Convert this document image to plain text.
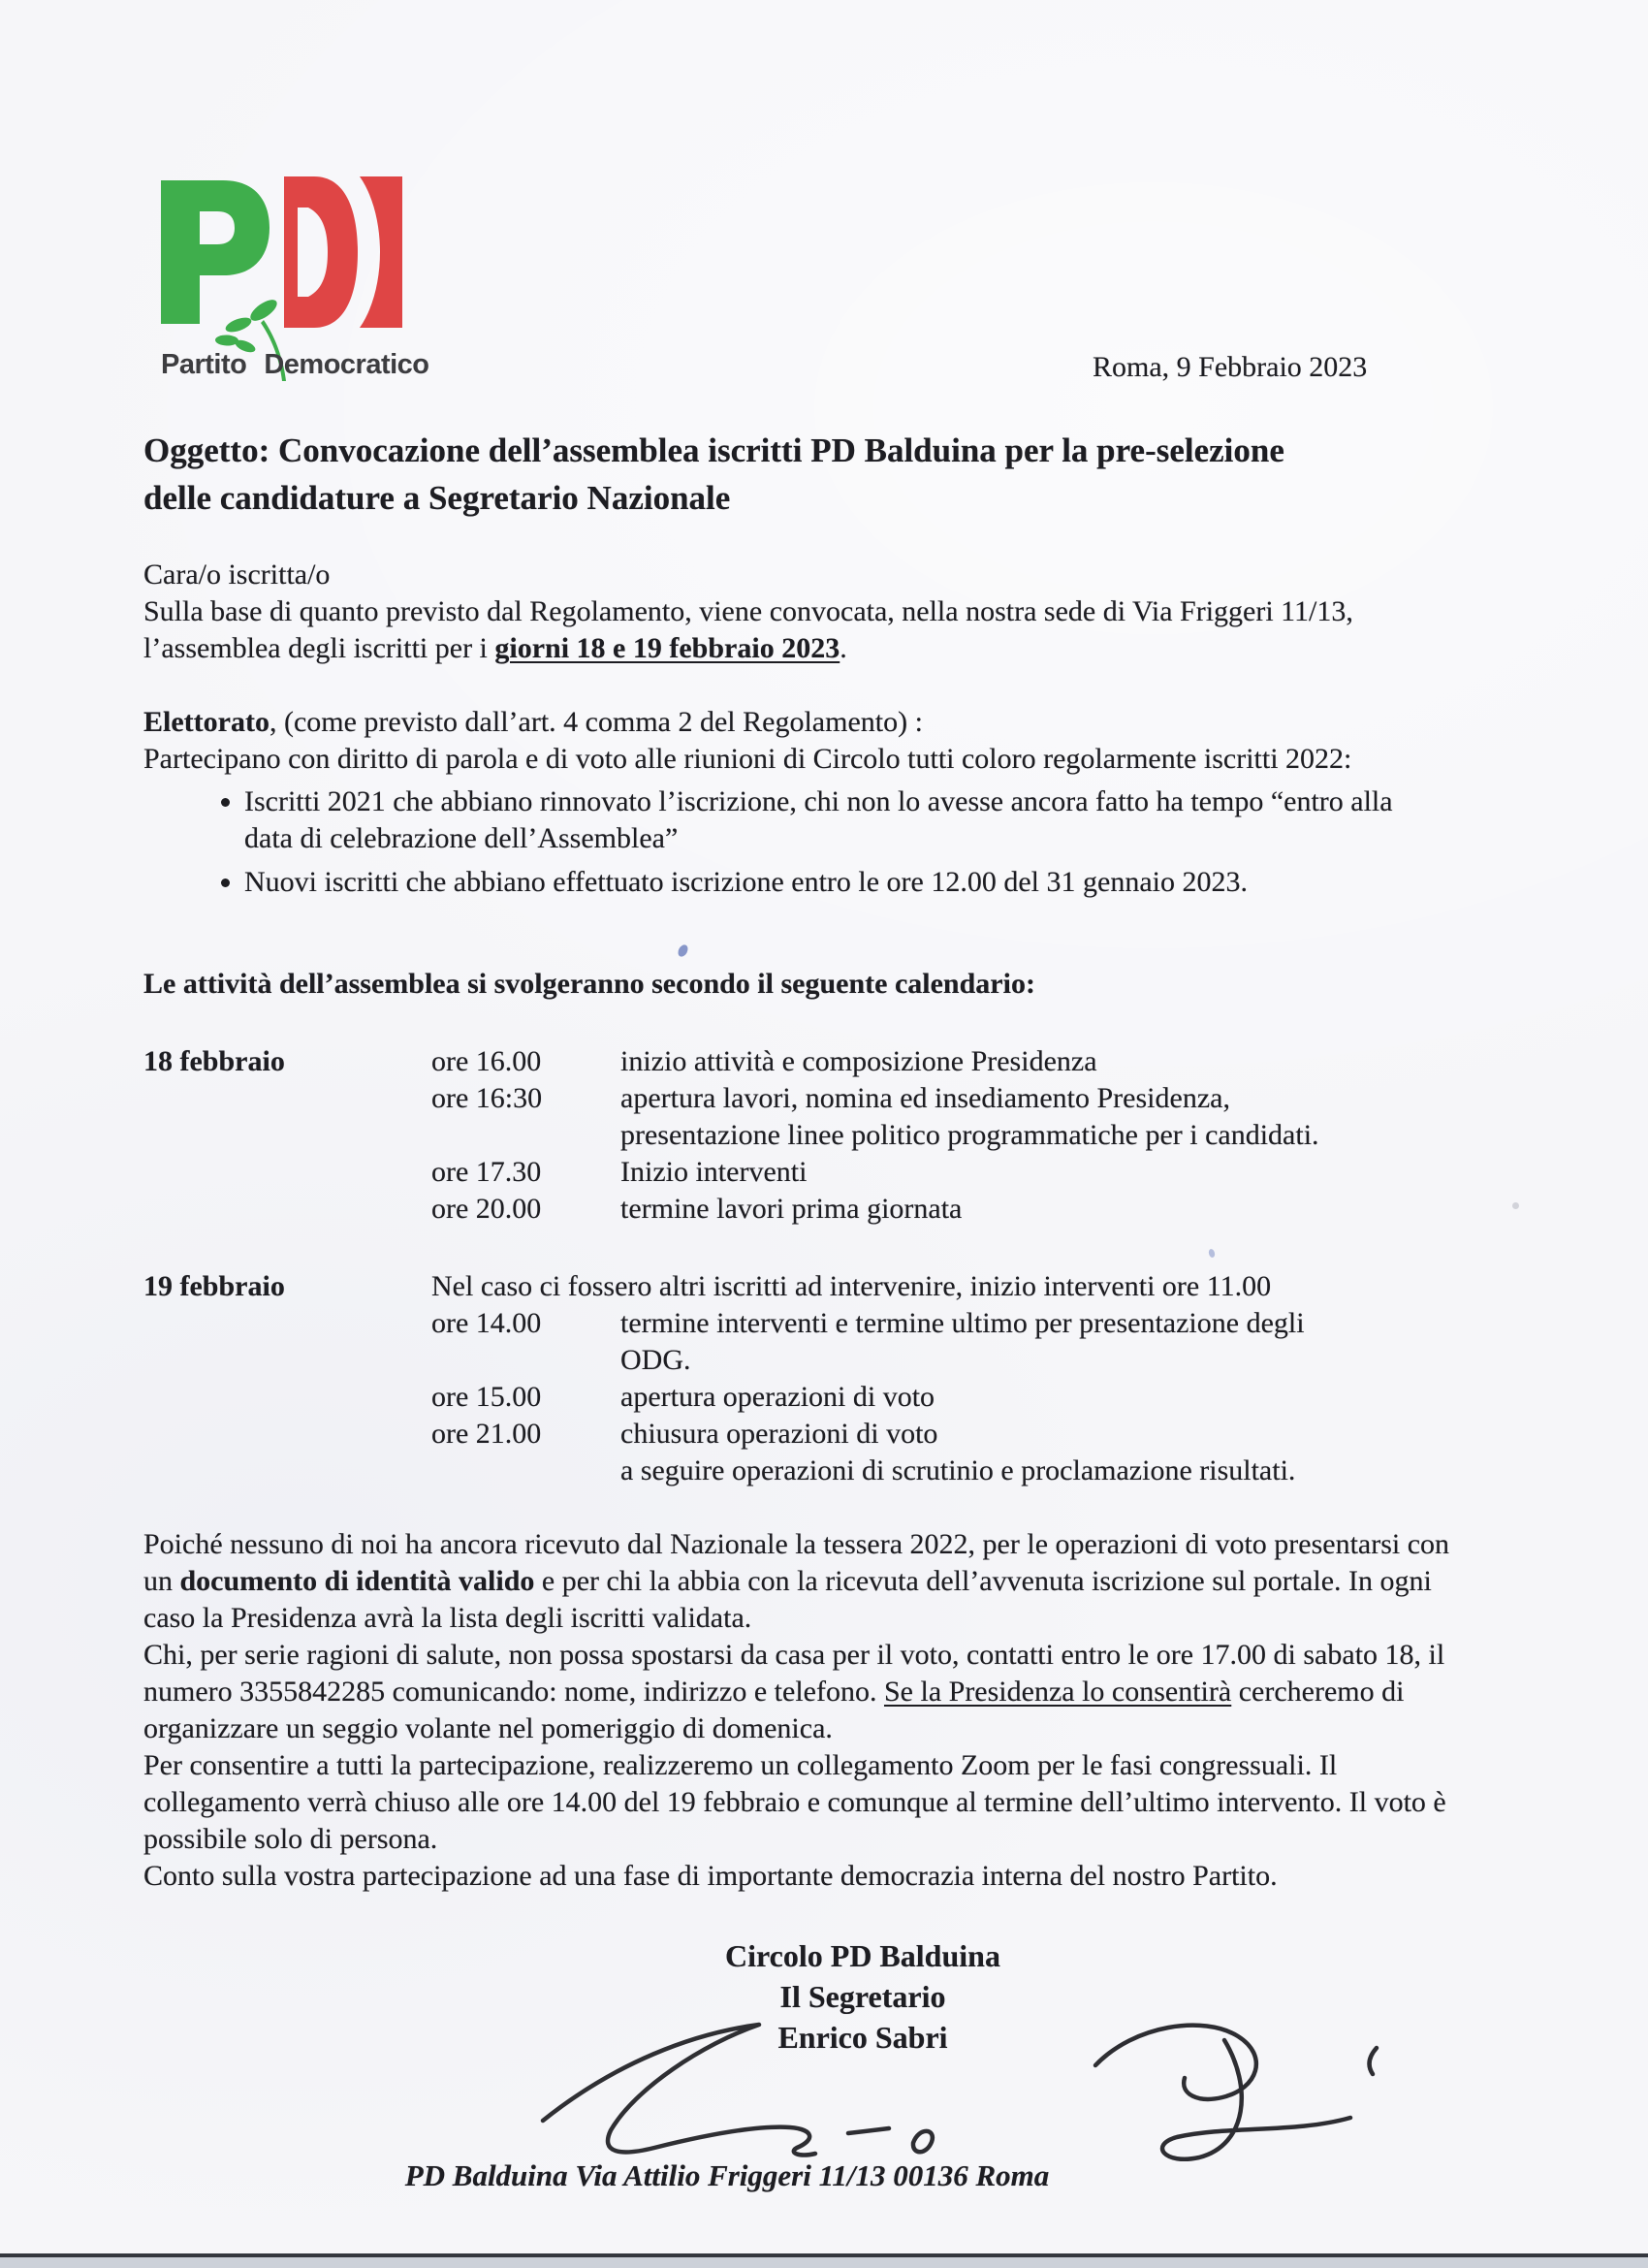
Partito Democratico	Roma, 9 Febbraio 2023
Oggetto: Convocazione dell’assemblea iscritti PD Balduina per la pre-selezione
delle candidature a Segretario Nazionale
Cara/o iscritta/o

Sulla base di quanto previsto dal Regolamento, viene convocata, nella nostra sede di Via Friggeri 11/13, l’assemblea degli iscritti per i giorni 18 e 19 febbraio 2023.

Elettorato, (come previsto dall’art. 4 comma 2 del Regolamento) :

Partecipano con diritto di parola e di voto alle riunioni di Circolo tutti coloro regolarmente iscritti 2022:

• Iscritti 2021 che abbiano rinnovato l’iscrizione, chi non lo avesse ancora fatto ha tempo “entro alla data di celebrazione dell’Assemblea”
• Nuovi iscritti che abbiano effettuato iscrizione entro le ore 12.00 del 31 gennaio 2023.
Le attività dell’assemblea si svolgeranno secondo il seguente calendario:
18 febbraio	ore 16.00	inizio attività e composizione Presidenza
ore 16:30	apertura lavori, nomina ed insediamento Presidenza,
presentazione linee politico programmatiche per i candidati.
ore 17.30	Inizio interventi
ore 20.00	termine lavori prima giornata
19 febbraio	Nel caso ci fossero altri iscritti ad intervenire, inizio interventi ore 11.00
ore 14.00	termine interventi e termine ultimo per presentazione degli
ODG.
ore 15.00	apertura operazioni di voto
ore 21.00	chiusura operazioni di voto
a seguire operazioni di scrutinio e proclamazione risultati.

Poiché nessuno di noi ha ancora ricevuto dal Nazionale la tessera 2022, per le operazioni di voto presentarsi con un documento di identità valido e per chi la abbia con la ricevuta dell’avvenuta iscrizione sul portale. In ogni caso la Presidenza avrà la lista degli iscritti validata.

Chi, per serie ragioni di salute, non possa spostarsi da casa per il voto, contatti entro le ore 17.00 di sabato 18, il numero 3355842285 comunicando: nome, indirizzo e telefono. Se la Presidenza lo consentirà cercheremo di organizzare un seggio volante nel pomeriggio di domenica.

Per consentire a tutti la partecipazione, realizzeremo un collegamento Zoom per le fasi congressuali. Il collegamento verrà chiuso alle ore 14.00 del 19 febbraio e comunque al termine dell’ultimo intervento. Il voto è possibile solo di persona.

Conto sulla vostra partecipazione ad una fase di importante democrazia interna del nostro Partito.

Circolo PD Balduina
Il Segretario
Enrico Sabri
PD Balduina Via Attilio Friggeri 11/13 00136 Roma
